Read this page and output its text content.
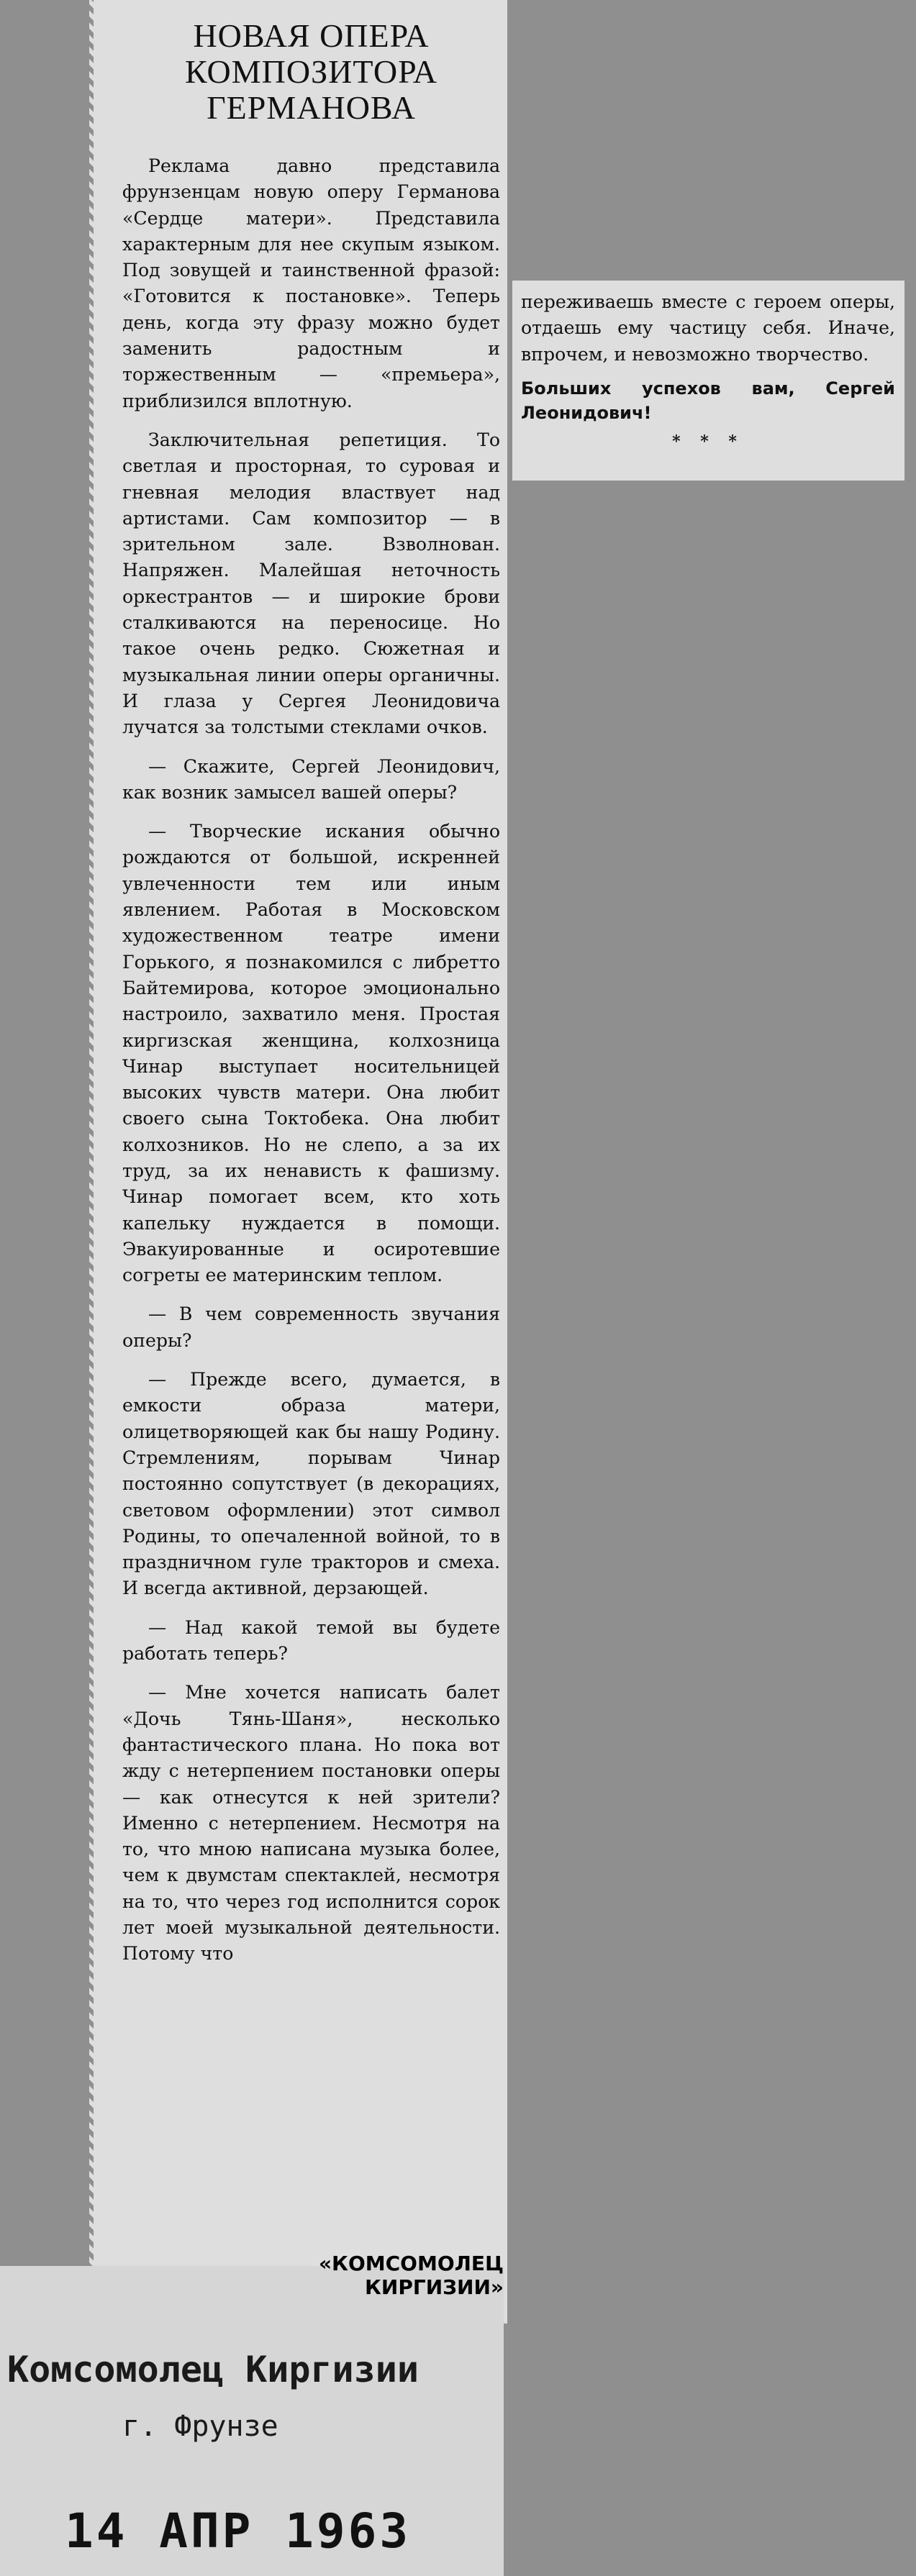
НОВАЯ ОПЕРА
КОМПОЗИТОРА
ГЕРМАНОВА

Реклама давно представила фрунзенцам новую оперу Германова «Сердце матери». Представила характерным для нее скупым языком. Под зовущей и таинственной фразой: «Готовится к постановке». Теперь день, когда эту фразу можно будет заменить радостным и торжественным — «премьера», приблизился вплотную.

Заключительная репетиция. То светлая и просторная, то суровая и гневная мелодия властвует над артистами. Сам композитор — в зрительном зале. Взволнован. Напряжен. Малейшая неточность оркестрантов — и широкие брови сталкиваются на переносице. Но такое очень редко. Сюжетная и музыкальная линии оперы органичны. И глаза у Сергея Леонидовича лучатся за толстыми стеклами очков.

— Скажите, Сергей Леонидович, как возник замысел вашей оперы?

— Творческие искания обычно рождаются от большой, искренней увлеченности тем или иным явлением. Работая в Московском художественном театре имени Горького, я познакомился с либретто Байтемирова, которое эмоционально настроило, захватило меня. Простая киргизская женщина, колхозница Чинар выступает носительницей высоких чувств матери. Она любит своего сына Токтобека. Она любит колхозников. Но не слепо, а за их труд, за их ненависть к фашизму. Чинар помогает всем, кто хоть капельку нуждается в помощи. Эвакуированные и осиротевшие согреты ее материнским теплом.

— В чем современность звучания оперы?

— Прежде всего, думается, в емкости образа матери, олицетворяющей как бы нашу Родину. Стремлениям, порывам Чинар постоянно сопутствует (в декорациях, световом оформлении) этот символ Родины, то опечаленной войной, то в праздничном гуле тракторов и смеха. И всегда активной, дерзающей.

— Над какой темой вы будете работать теперь?

— Мне хочется написать балет «Дочь Тянь-Шаня», несколько фантастического плана. Но пока вот жду с нетерпением постановки оперы — как отнесутся к ней зрители? Именно с нетерпением. Несмотря на то, что мною написана музыка более, чем к двумстам спектаклей, несмотря на то, что через год исполнится сорок лет моей музыкальной деятельности. Потому что

переживаешь вместе с героем оперы, отдаешь ему частицу себя. Иначе, впрочем, и невозможно творчество.

Больших успехов вам, Сергей Леонидович!

* * *
«КОМСОМОЛЕЦ КИРГИЗИИ»
Комсомолец Киргизии
г. Фрунзе
14 АПР 1963
